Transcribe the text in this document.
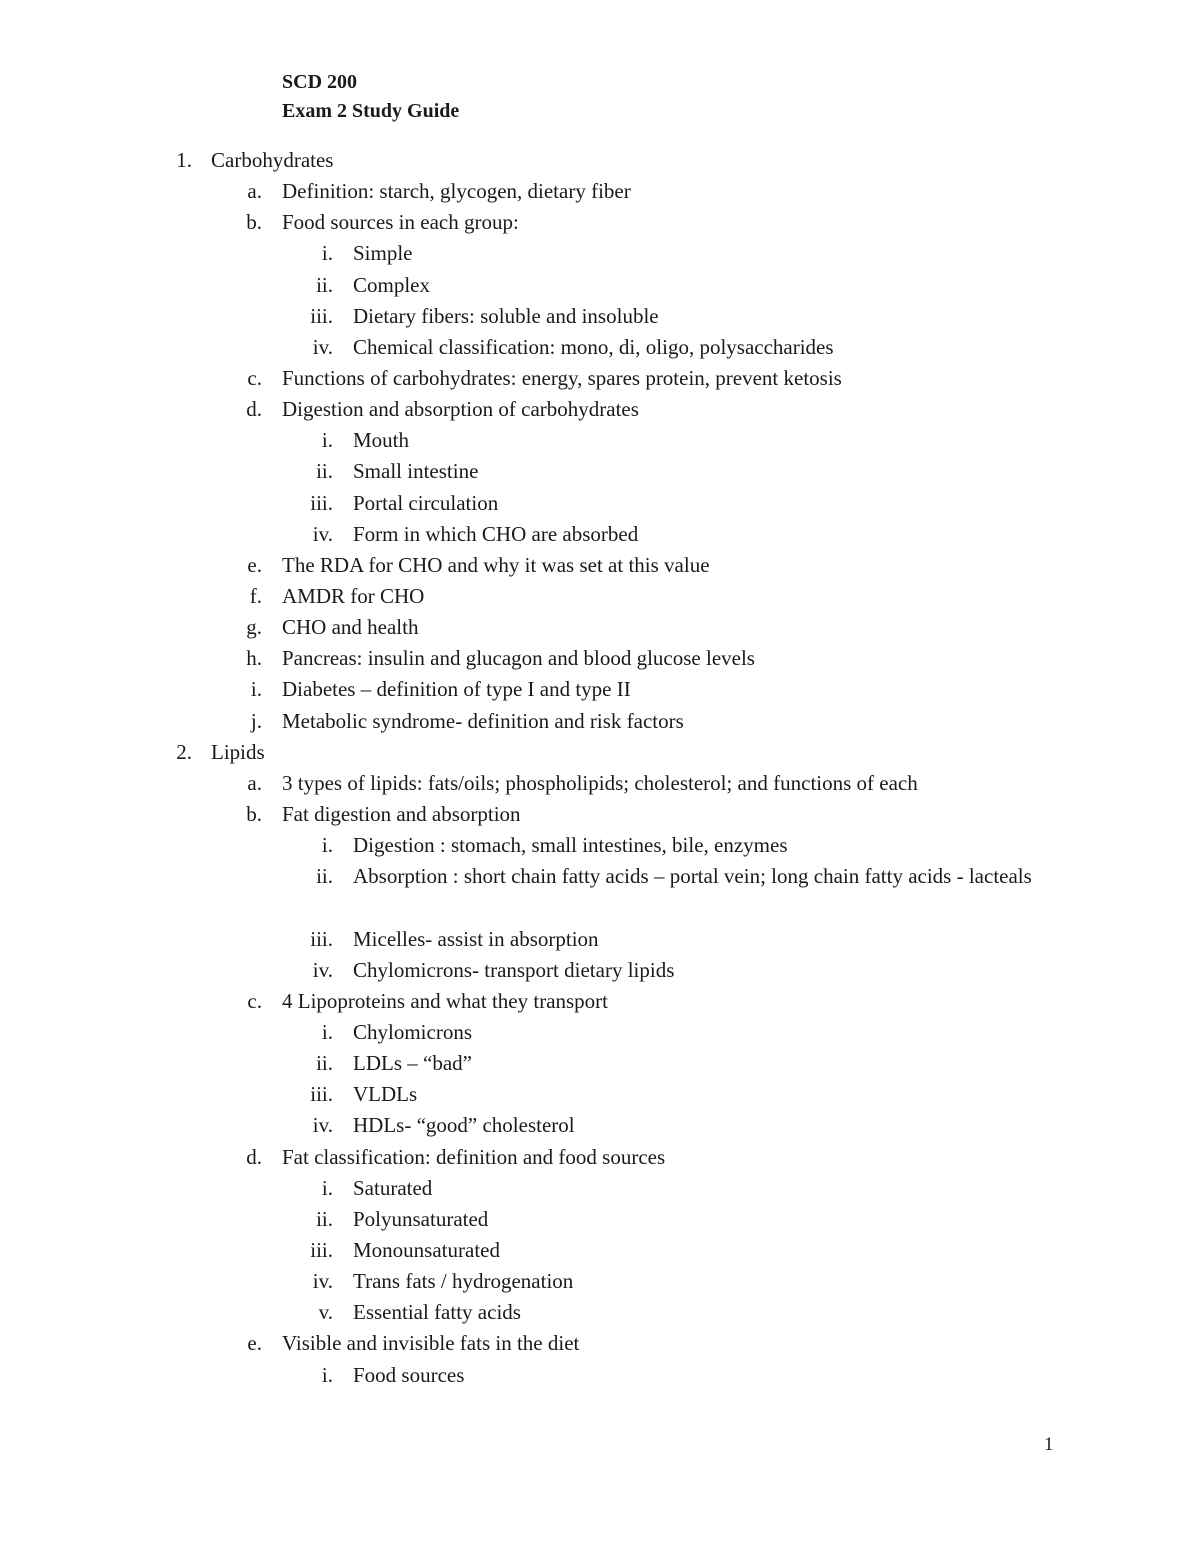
SCD 200
Exam 2 Study Guide
1. Carbohydrates
a. Definition: starch, glycogen, dietary fiber
b. Food sources in each group:
i. Simple
ii. Complex
iii. Dietary fibers: soluble and insoluble
iv. Chemical classification: mono, di, oligo, polysaccharides
c. Functions of carbohydrates: energy, spares protein, prevent ketosis
d. Digestion and absorption of carbohydrates
i. Mouth
ii. Small intestine
iii. Portal circulation
iv. Form in which CHO are absorbed
e. The RDA for CHO and why it was set at this value
f. AMDR for CHO
g. CHO and health
h. Pancreas: insulin and glucagon and blood glucose levels
i. Diabetes – definition of type I and type II
j. Metabolic syndrome- definition and risk factors
2. Lipids
a. 3 types of lipids: fats/oils; phospholipids; cholesterol; and functions of each
b. Fat digestion and absorption
i. Digestion : stomach, small intestines, bile, enzymes
ii. Absorption : short chain fatty acids – portal vein; long chain fatty acids - lacteals
iii. Micelles- assist in absorption
iv. Chylomicrons- transport dietary lipids
c. 4 Lipoproteins and what they transport
i. Chylomicrons
ii. LDLs – “bad”
iii. VLDLs
iv. HDLs- “good” cholesterol
d. Fat classification: definition and food sources
i. Saturated
ii. Polyunsaturated
iii. Monounsaturated
iv. Trans fats / hydrogenation
v. Essential fatty acids
e. Visible and invisible fats in the diet
i. Food sources
1
